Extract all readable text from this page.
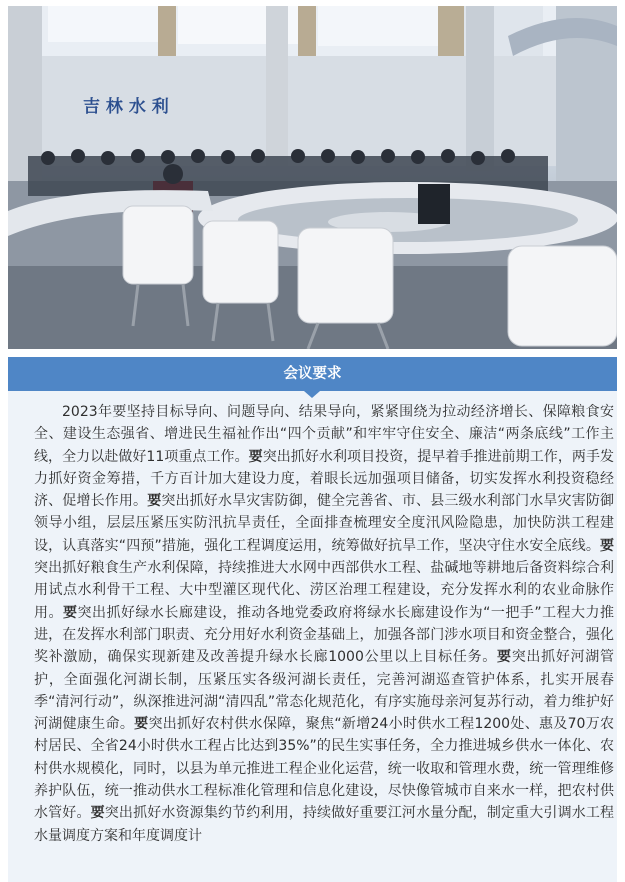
吉 林 水 利
会议要求

2023年要坚持目标导向、问题导向、结果导向，紧紧围绕为拉动经济增长、保障粮食安全、建设生态强省、增进民生福祉作出“四个贡献”和牢牢守住安全、廉洁“两条底线”工作主线，全力以赴做好11项重点工作。要突出抓好水利项目投资，提早着手推进前期工作，两手发力抓好资金筹措，千方百计加大建设力度，着眼长远加强项目储备，切实发挥水利投资稳经济、促增长作用。要突出抓好水旱灾害防御，健全完善省、市、县三级水利部门水旱灾害防御领导小组，层层压紧压实防汛抗旱责任，全面排查梳理安全度汛风险隐患，加快防洪工程建设，认真落实“四预”措施，强化工程调度运用，统筹做好抗旱工作，坚决守住水安全底线。要突出抓好粮食生产水利保障，持续推进大水网中西部供水工程、盐碱地等耕地后备资料综合利用试点水利骨干工程、大中型灌区现代化、涝区治理工程建设，充分发挥水利的农业命脉作用。要突出抓好绿水长廊建设，推动各地党委政府将绿水长廊建设作为“一把手”工程大力推进，在发挥水利部门职责、充分用好水利资金基础上，加强各部门涉水项目和资金整合，强化奖补激励，确保实现新建及改善提升绿水长廊1000公里以上目标任务。要突出抓好河湖管护，全面强化河湖长制，压紧压实各级河湖长责任，完善河湖巡查管护体系，扎实开展春季“清河行动”，纵深推进河湖“清四乱”常态化规范化，有序实施母亲河复苏行动，着力维护好河湖健康生命。要突出抓好农村供水保障，聚焦“新增24小时供水工程1200处、惠及70万农村居民、全省24小时供水工程占比达到35%”的民生实事任务，全力推进城乡供水一体化、农村供水规模化，同时，以县为单元推进工程企业化运营，统一收取和管理水费，统一管理维修养护队伍，统一推动供水工程标准化管理和信息化建设，尽快像管城市自来水一样，把农村供水管好。要突出抓好水资源集约节约利用，持续做好重要江河水量分配，制定重大引调水工程水量调度方案和年度调度计
